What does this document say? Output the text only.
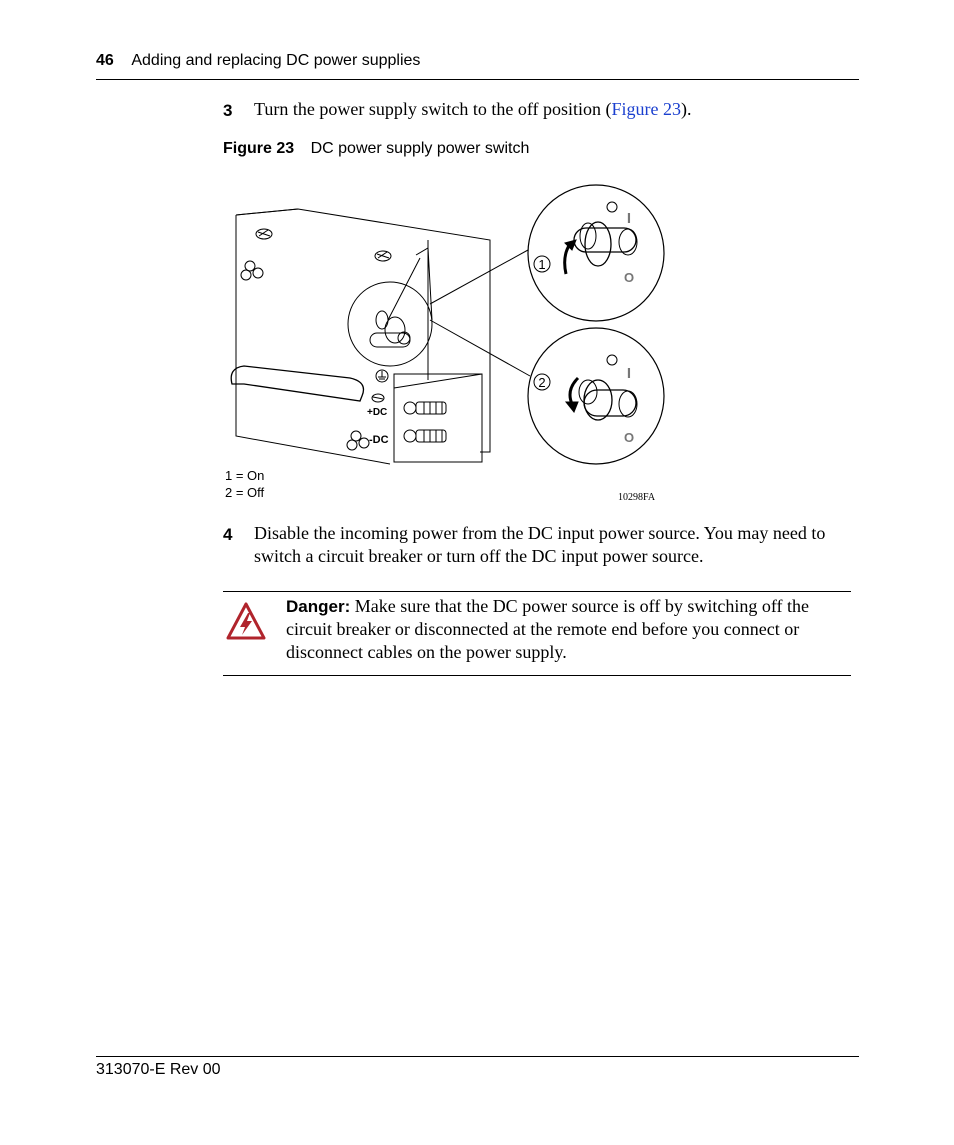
46 Adding and replacing DC power supplies
3 Turn the power supply switch to the off position (Figure 23).
Figure 23 DC power supply power switch
1
2
I
O
I
O
+DC
-DC
1 = On
2 = Off	10298FA
4 Disable the incoming power from the DC input power source. You may need to switch a circuit breaker or turn off the DC input power source.
Danger: Make sure that the DC power source is off by switching off the circuit breaker or disconnected at the remote end before you connect or disconnect cables on the power supply.
313070-E Rev 00
